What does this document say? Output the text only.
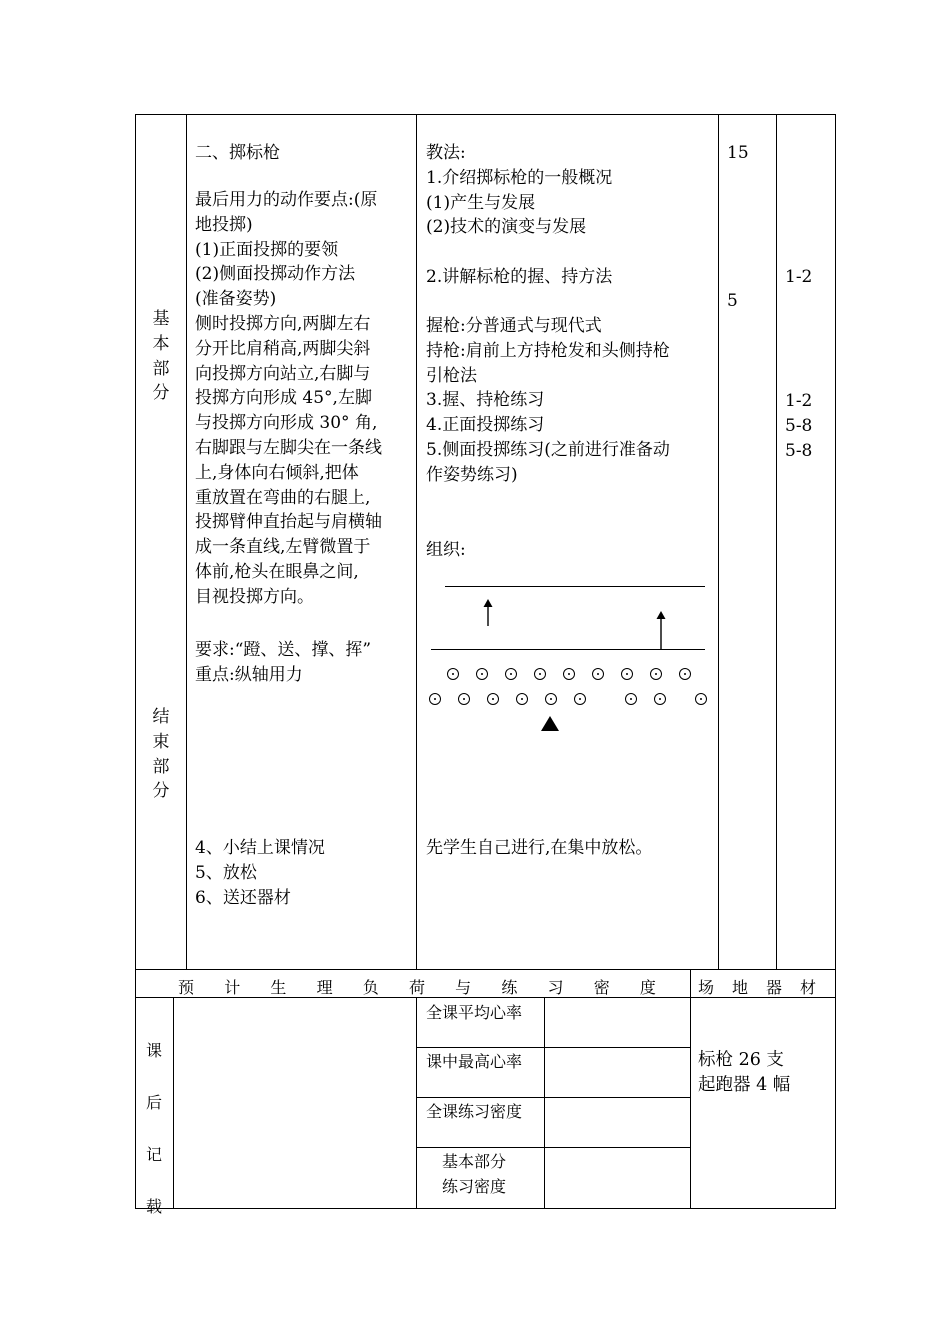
基
本
部
分
结
束
部
分
二、掷标枪
最后用力的动作要点:(原
地投掷)
(1)正面投掷的要领
(2)侧面投掷动作方法
(准备姿势)
侧时投掷方向,两脚左右
分开比肩稍高,两脚尖斜
向投掷方向站立,右脚与
投掷方向形成 45°,左脚
与投掷方向形成 30° 角,
右脚跟与左脚尖在一条线
上,身体向右倾斜,把体
重放置在弯曲的右腿上,
投掷臂伸直抬起与肩横轴
成一条直线,左臂微置于
体前,枪头在眼鼻之间,
目视投掷方向。
要求:“蹬、送、撑、挥”
重点:纵轴用力
4、小结上课情况
5、放松
6、送还器材
教法:
1.介绍掷标枪的一般概况
(1)产生与发展
(2)技术的演变与发展
2.讲解标枪的握、持方法
握枪:分普通式与现代式
持枪:肩前上方持枪发和头侧持枪
引枪法
3.握、持枪练习
4.正面投掷练习
5.侧面投掷练习(之前进行准备动
作姿势练习)
组织:
先学生自己进行,在集中放松。
15
5
1-2
1-2
5-8
5-8
预 计 生 理 负 荷 与 练 习 密 度	场 地 器 材
课
后
记
载
全课平均心率
课中最高心率
全课练习密度
基本部分
练习密度
标枪 26 支
起跑器 4 幅
